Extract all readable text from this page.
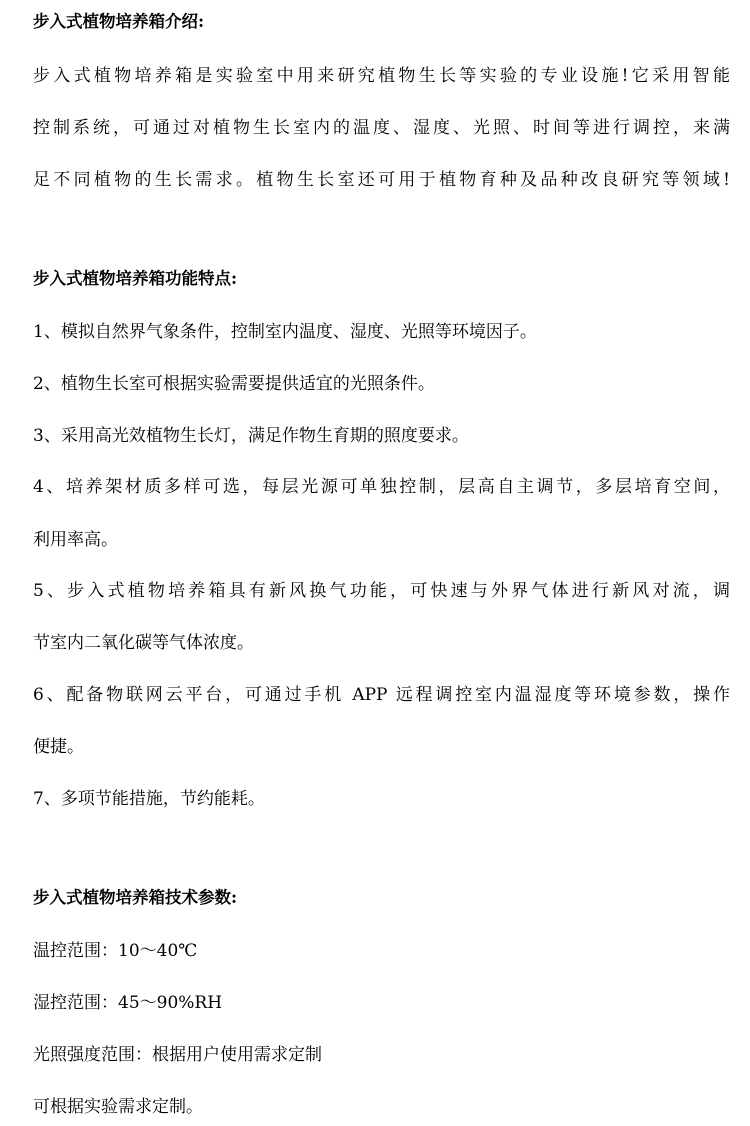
步入式植物培养箱介绍:
步入式植物培养箱是实验室中用来研究植物生长等实验的专业设施!它采用智能
控制系统，可通过对植物生长室内的温度、湿度、光照、时间等进行调控，来满
足不同植物的生长需求。植物生长室还可用于植物育种及品种改良研究等领域!
步入式植物培养箱功能特点:
1、模拟自然界气象条件，控制室内温度、湿度、光照等环境因子。
2、植物生长室可根据实验需要提供适宜的光照条件。
3、采用高光效植物生长灯，满足作物生育期的照度要求。
4、培养架材质多样可选，每层光源可单独控制，层高自主调节，多层培育空间，
利用率高。
5、步入式植物培养箱具有新风换气功能，可快速与外界气体进行新风对流，调
节室内二氧化碳等气体浓度。
6、配备物联网云平台，可通过手机 APP 远程调控室内温湿度等环境参数，操作
便捷。
7、多项节能措施，节约能耗。
步入式植物培养箱技术参数:
温控范围：10～40℃
湿控范围：45～90%RH
光照强度范围：根据用户使用需求定制
可根据实验需求定制。
